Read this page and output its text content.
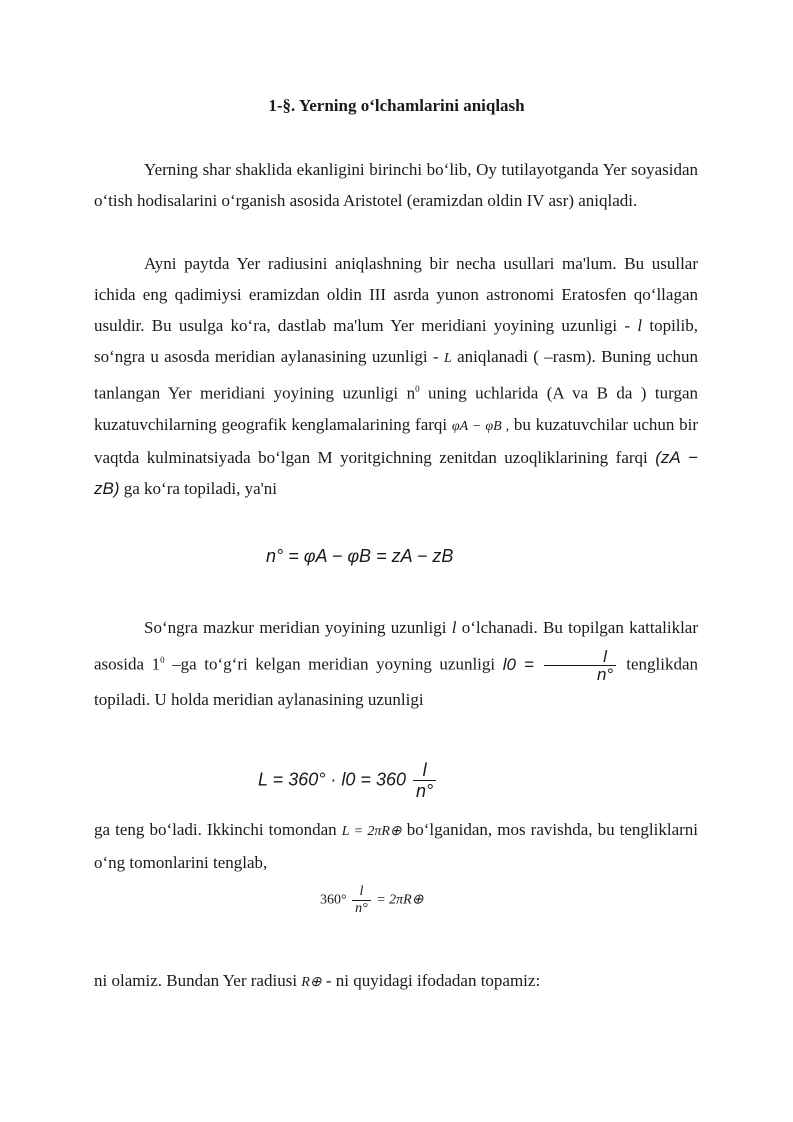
1-§. Yerning o‘lchamlarini aniqlash

Yerning shar shaklida ekanligini birinchi bo‘lib, Oy tutilayotganda Yer soyasidan o‘tish hodisalarini o‘rganish asosida Aristotel (eramizdan oldin IV asr) aniqladi.

Ayni paytda Yer radiusini aniqlashning bir necha usullari ma'lum. Bu usullar ichida eng qadimiysi eramizdan oldin III asrda yunon astronomi Eratosfen qo‘llagan usuldir. Bu usulga ko‘ra, dastlab ma'lum Yer meridiani yoyining uzunligi - l topilib, so‘ngra u asosda meridian aylanasining uzunligi - L aniqlanadi ( –rasm). Buning uchun tanlangan Yer meridiani yoyining uzunligi $n^0$ uning uchlarida (A va B da ) turgan kuzatuvchilarning geografik kenglamalarining farqi φA − φB , bu kuzatuvchilar uchun bir vaqtda kulminatsiyada bo‘lgan M yoritgichning zenitdan uzoqliklarining farqi (zA − zB) ga ko‘ra topiladi, ya'ni

n° = φA − φB = zA − zB

So‘ngra mazkur meridian yoyining uzunligi l o‘lchanadi. Bu topilgan kattaliklar asosida $1^0$ –ga to‘g‘ri kelgan meridian yoyning uzunligi $l0 = \frac{l}{n^\circ}$ tenglikdan topiladi. U holda meridian aylanasining uzunligi

$L = 360^\circ \cdot l0 = 360 \frac{l}{n^\circ}$

ga teng bo‘ladi. Ikkinchi tomondan L = 2πR⊕ bo‘lganidan, mos ravishda, bu tengliklarni o‘ng tomonlarini tenglab,

$360^\circ \frac{l}{n^\circ}$ = 2πR⊕

ni olamiz. Bundan Yer radiusi R⊕ - ni quyidagi ifodadan topamiz:
